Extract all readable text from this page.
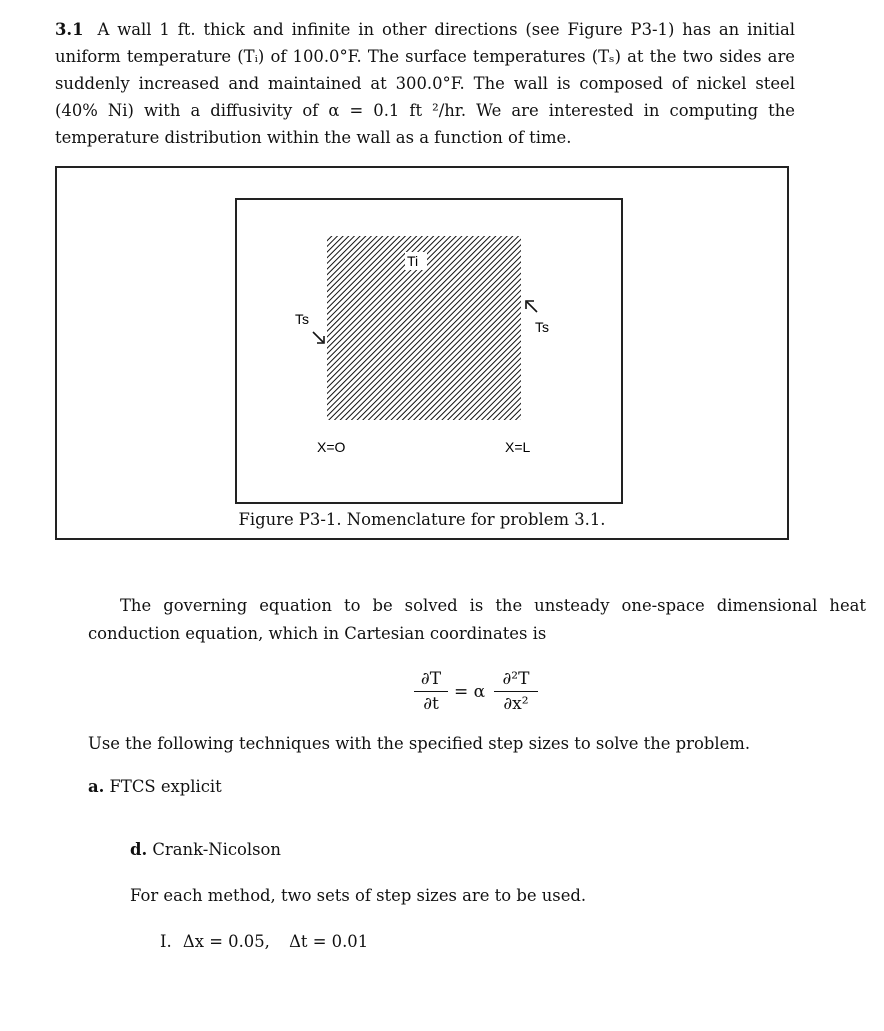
3.1 A wall 1 ft. thick and infinite in other directions (see Figure P3-1) has an initial uniform temperature (Tᵢ) of 100.0°F. The surface temperatures (Tₛ) at the two sides are suddenly increased and maintained at 300.0°F. The wall is composed of nickel steel (40% Ni) with a diffusivity of α = 0.1 ft ²/hr. We are interested in computing the temperature distribution within the wall as a function of time.
Ti
Ts	Ts
X=O	X=L
Figure P3-1. Nomenclature for problem 3.1.
The governing equation to be solved is the unsteady one-space dimensional heat conduction equation, which in Cartesian coordinates is
∂T
∂t
= α
∂²T
∂x²
Use the following techniques with the specified step sizes to solve the problem.
a. FTCS explicit
d. Crank-Nicolson
For each method, two sets of step sizes are to be used.
I. Δx = 0.05, Δt = 0.01
